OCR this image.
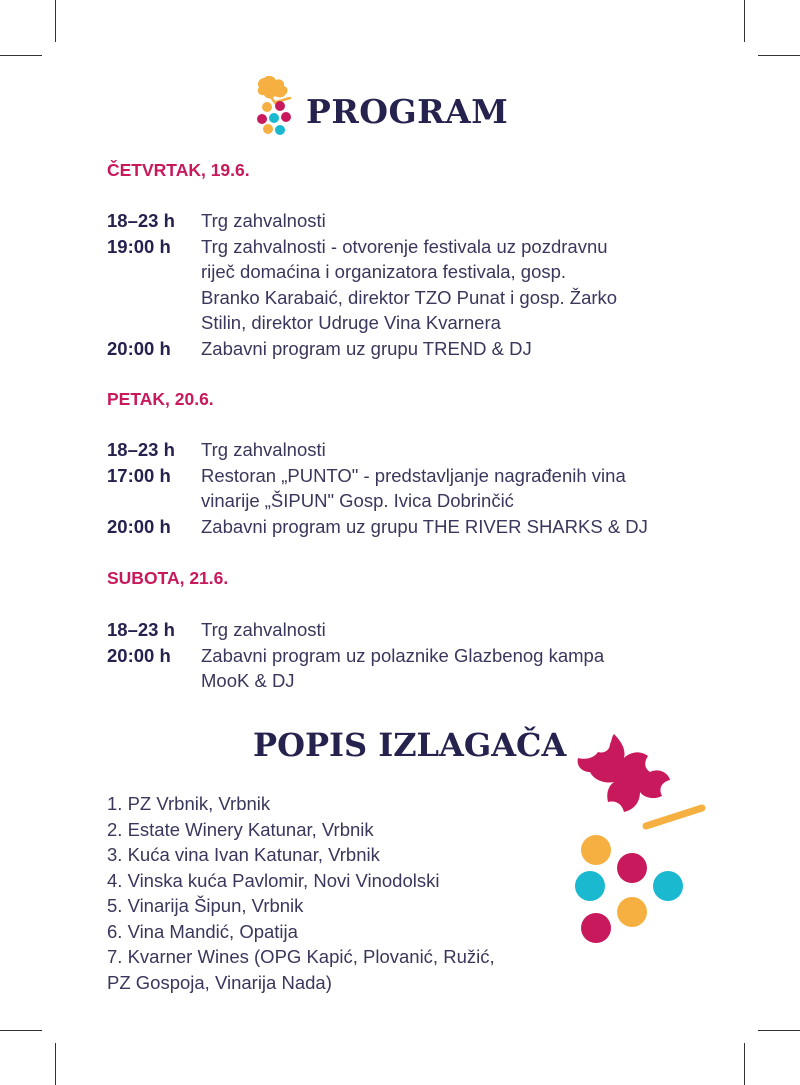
PROGRAM
ČETVRTAK, 19.6.
18–23 h	Trg zahvalnosti
19:00 h	Trg zahvalnosti - otvorenje festivala uz pozdravnu
riječ domaćina i organizatora festivala, gosp.
Branko Karabaić, direktor TZO Punat i gosp. Žarko
Stilin, direktor Udruge Vina Kvarnera
20:00 h	Zabavni program uz grupu TREND & DJ
PETAK, 20.6.
18–23 h	Trg zahvalnosti
17:00 h	Restoran „PUNTO" - predstavljanje nagrađenih vina
vinarije „ŠIPUN" Gosp. Ivica Dobrinčić
20:00 h	Zabavni program uz grupu THE RIVER SHARKS & DJ
SUBOTA, 21.6.
18–23 h	Trg zahvalnosti
20:00 h	Zabavni program uz polaznike Glazbenog kampa
MooK & DJ
POPIS IZLAGAČA
1. PZ Vrbnik, Vrbnik
2. Estate Winery Katunar, Vrbnik
3. Kuća vina Ivan Katunar, Vrbnik
4. Vinska kuća Pavlomir, Novi Vinodolski
5. Vinarija Šipun, Vrbnik
6. Vina Mandić, Opatija
7. Kvarner Wines (OPG Kapić, Plovanić, Ružić,
PZ Gospoja, Vinarija Nada)
